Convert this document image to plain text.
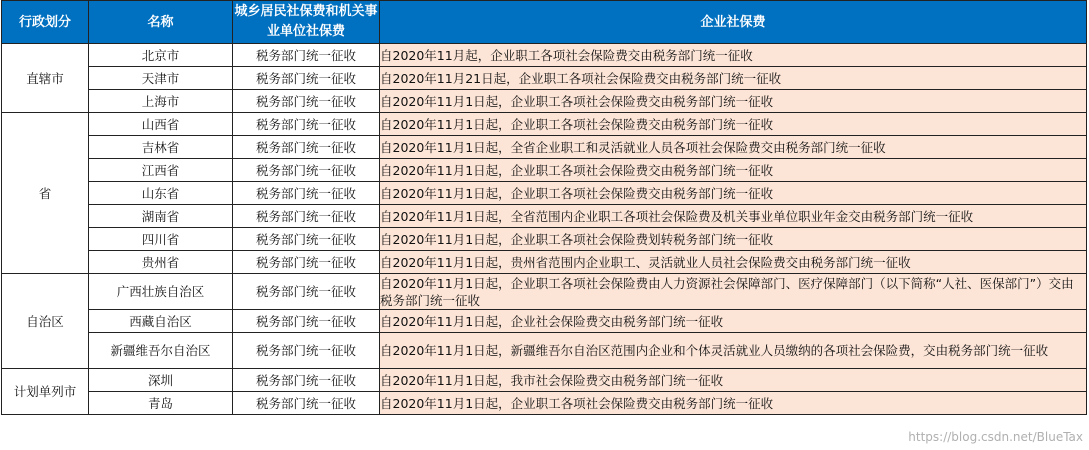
行政划分	名称	城乡居民社保费和机关事业单位社保费	企业社保费
直辖市	北京市	税务部门统一征收	自2020年11月起，企业职工各项社会保险费交由税务部门统一征收
	天津市	税务部门统一征收	自2020年11月21日起，企业职工各项社会保险费交由税务部门统一征收
	上海市	税务部门统一征收	自2020年11月1日起，企业职工各项社会保险费交由税务部门统一征收
省	山西省	税务部门统一征收	自2020年11月1日起，企业职工各项社会保险费交由税务部门统一征收
	吉林省	税务部门统一征收	自2020年11月1日起，全省企业职工和灵活就业人员各项社会保险费交由税务部门统一征收
	江西省	税务部门统一征收	自2020年11月1日起，企业职工各项社会保险费交由税务部门统一征收
	山东省	税务部门统一征收	自2020年11月1日起，企业职工各项社会保险费交由税务部门统一征收
	湖南省	税务部门统一征收	自2020年11月1日起，全省范围内企业职工各项社会保险费及机关事业单位职业年金交由税务部门统一征收
	四川省	税务部门统一征收	自2020年11月1日起，企业职工各项社会保险费划转税务部门统一征收
	贵州省	税务部门统一征收	自2020年11月1日起，贵州省范围内企业职工、灵活就业人员社会保险费交由税务部门统一征收
自治区	广西壮族自治区	税务部门统一征收	自2020年11月1日起，企业职工各项社会保险费由人力资源社会保障部门、医疗保障部门（以下简称“人社、医保部门”）交由税务部门统一征收
	西藏自治区	税务部门统一征收	自2020年11月1日起，企业社会保险费交由税务部门统一征收
	新疆维吾尔自治区	税务部门统一征收	自2020年11月1日起，新疆维吾尔自治区范围内企业和个体灵活就业人员缴纳的各项社会保险费，交由税务部门统一征收
计划单列市	深圳	税务部门统一征收	自2020年11月1日起，我市社会保险费交由税务部门统一征收
	青岛	税务部门统一征收	自2020年11月1日起，企业职工各项社会保险费交由税务部门统一征收
https://blog.csdn.net/BlueTax
